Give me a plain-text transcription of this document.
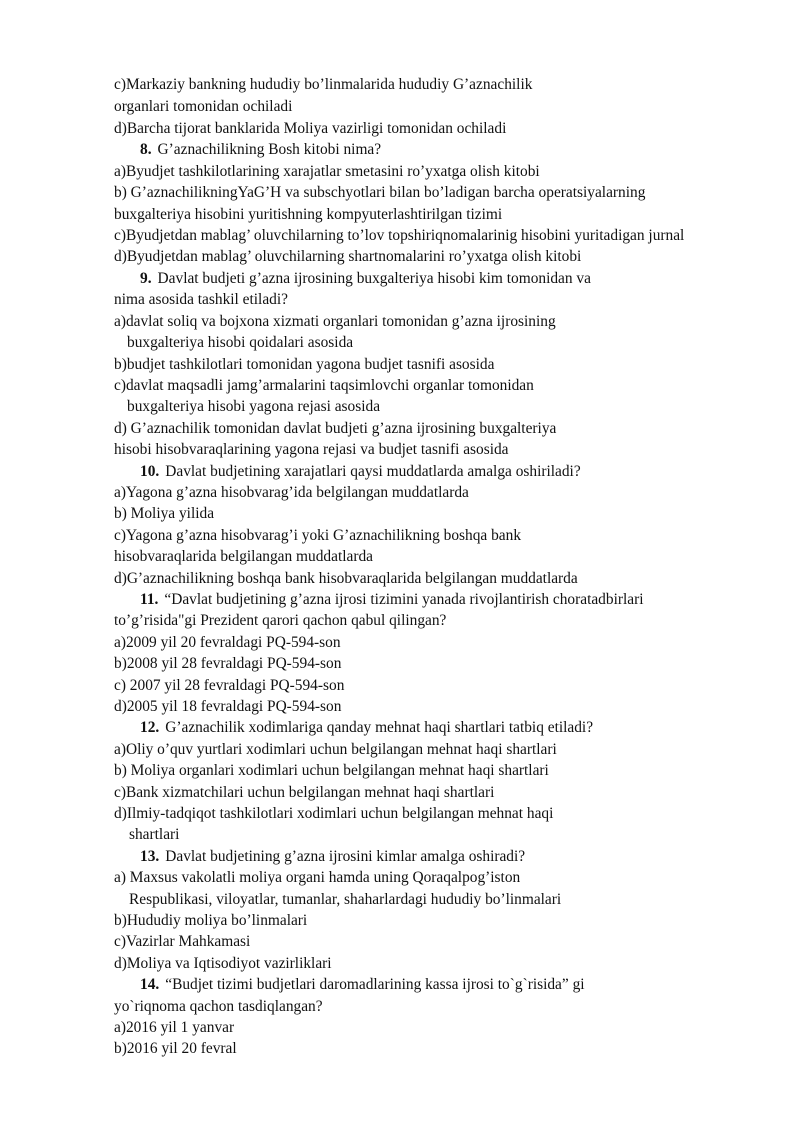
c)Markaziy bankning hududiy bo’linmalarida hududiy G’aznachilik
organlari tomonidan ochiladi
d)Barcha tijorat banklarida Moliya vazirligi tomonidan ochiladi
8. G’aznachilikning Bosh kitobi nima?
a)Byudjet tashkilotlarining xarajatlar smetasini ro’yxatga olish kitobi
b) G’aznachilikningYaG’H va subschyotlari bilan bo’ladigan barcha operatsiyalarning
buxgalteriya hisobini yuritishning kompyuterlashtirilgan tizimi
c)Byudjetdan mablag’ oluvchilarning to’lov topshiriqnomalarinig hisobini yuritadigan jurnal
d)Byudjetdan mablag’ oluvchilarning shartnomalarini ro’yxatga olish kitobi
9. Davlat budjeti g’azna ijrosining buxgalteriya hisobi kim tomonidan va
nima asosida tashkil etiladi?
a)davlat soliq va bojxona xizmati organlari tomonidan g’azna ijrosining
buxgalteriya hisobi qoidalari asosida
b)budjet tashkilotlari tomonidan yagona budjet tasnifi asosida
c)davlat maqsadli jamg’armalarini taqsimlovchi organlar tomonidan
buxgalteriya hisobi yagona rejasi asosida
d) G’aznachilik tomonidan davlat budjeti g’azna ijrosining buxgalteriya
hisobi hisobvaraqlarining yagona rejasi va budjet tasnifi asosida
10. Davlat budjetining xarajatlari qaysi muddatlarda amalga oshiriladi?
a)Yagona g’azna hisobvarag’ida belgilangan muddatlarda
b) Moliya yilida
c)Yagona g’azna hisobvarag’i yoki G’aznachilikning boshqa bank
hisobvaraqlarida belgilangan muddatlarda
d)G’aznachilikning boshqa bank hisobvaraqlarida belgilangan muddatlarda
11. “Davlat budjetining g’azna ijrosi tizimini yanada rivojlantirish choratadbirlari
to’g’risida"gi Prezident qarori qachon qabul qilingan?
a)2009 yil 20 fevraldagi PQ-594-son
b)2008 yil 28 fevraldagi PQ-594-son
c) 2007 yil 28 fevraldagi PQ-594-son
d)2005 yil 18 fevraldagi PQ-594-son
12. G’aznachilik xodimlariga qanday mehnat haqi shartlari tatbiq etiladi?
a)Oliy o’quv yurtlari xodimlari uchun belgilangan mehnat haqi shartlari
b) Moliya organlari xodimlari uchun belgilangan mehnat haqi shartlari
c)Bank xizmatchilari uchun belgilangan mehnat haqi shartlari
d)Ilmiy-tadqiqot tashkilotlari xodimlari uchun belgilangan mehnat haqi
shartlari
13. Davlat budjetining g’azna ijrosini kimlar amalga oshiradi?
a) Maxsus vakolatli moliya organi hamda uning Qoraqalpog’iston
Respublikasi, viloyatlar, tumanlar, shaharlardagi hududiy bo’linmalari
b)Hududiy moliya bo’linmalari
c)Vazirlar Mahkamasi
d)Moliya va Iqtisodiyot vazirliklari
14. “Budjet tizimi budjetlari daromadlarining kassa ijrosi to`g`risida” gi
yo`riqnoma qachon tasdiqlangan?
a)2016 yil 1 yanvar
b)2016 yil 20 fevral
